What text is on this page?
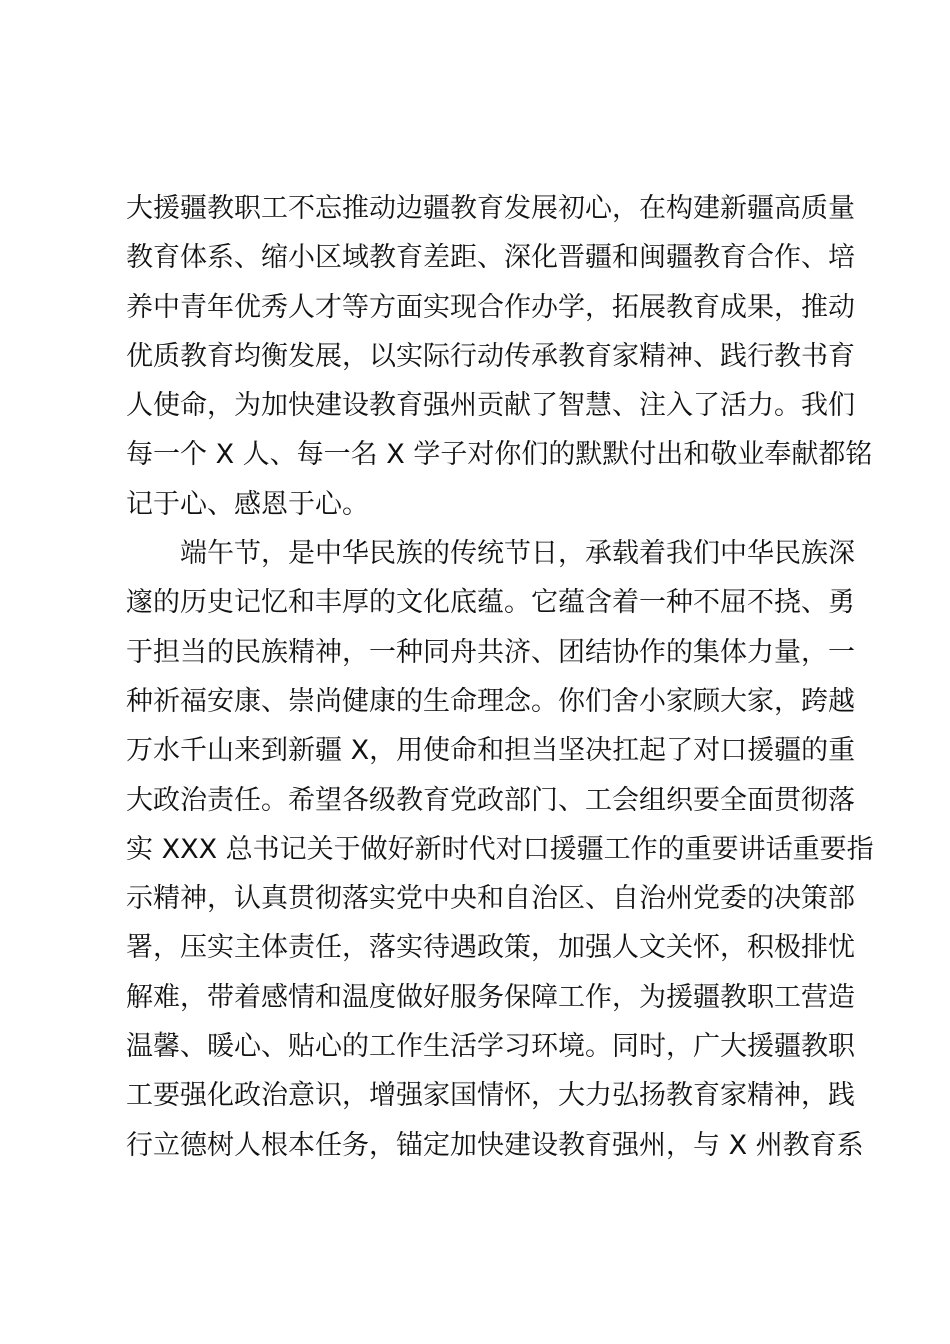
大援疆教职工不忘推动边疆教育发展初心，在构建新疆高质量
教育体系、缩小区域教育差距、深化晋疆和闽疆教育合作、培
养中青年优秀人才等方面实现合作办学，拓展教育成果，推动
优质教育均衡发展，以实际行动传承教育家精神、践行教书育
人使命，为加快建设教育强州贡献了智慧、注入了活力。我们
每一个 X 人、每一名 X 学子对你们的默默付出和敬业奉献都铭
记于心、感恩于心。
端午节，是中华民族的传统节日，承载着我们中华民族深
邃的历史记忆和丰厚的文化底蕴。它蕴含着一种不屈不挠、勇
于担当的民族精神，一种同舟共济、团结协作的集体力量，一
种祈福安康、崇尚健康的生命理念。你们舍小家顾大家，跨越
万水千山来到新疆 X，用使命和担当坚决扛起了对口援疆的重
大政治责任。希望各级教育党政部门、工会组织要全面贯彻落
实 XXX 总书记关于做好新时代对口援疆工作的重要讲话重要指
示精神，认真贯彻落实党中央和自治区、自治州党委的决策部
署，压实主体责任，落实待遇政策，加强人文关怀，积极排忧
解难，带着感情和温度做好服务保障工作，为援疆教职工营造
温馨、暖心、贴心的工作生活学习环境。同时，广大援疆教职
工要强化政治意识，增强家国情怀，大力弘扬教育家精神，践
行立德树人根本任务，锚定加快建设教育强州，与 X 州教育系
